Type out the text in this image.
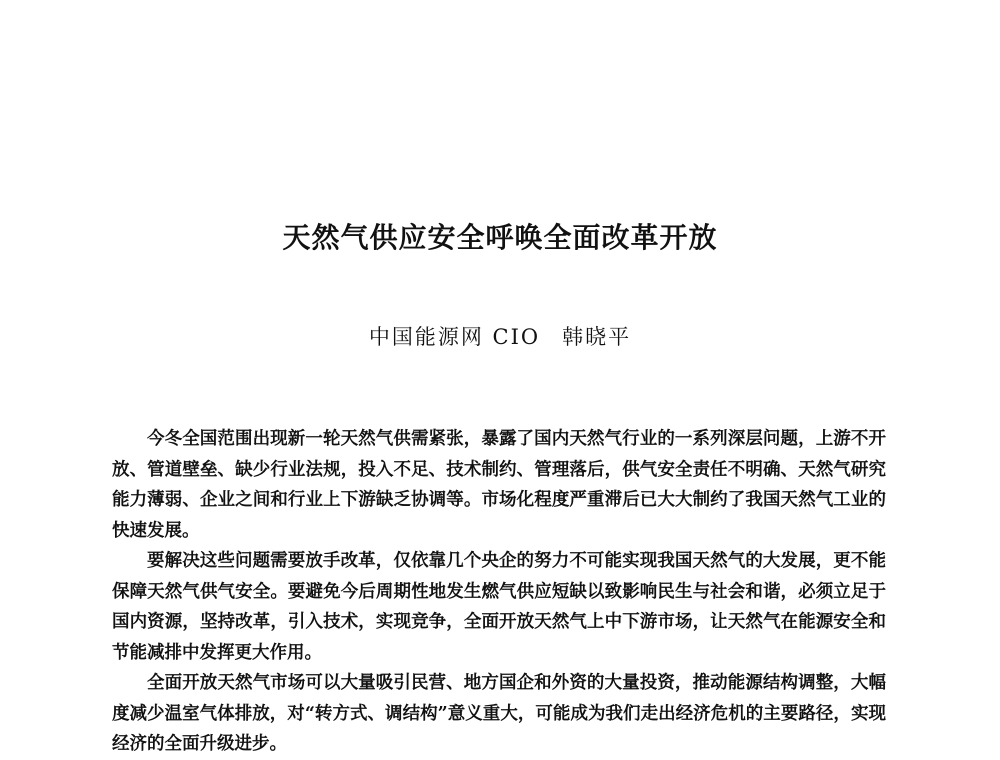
天然气供应安全呼唤全面改革开放
中国能源网 CIO 韩晓平

今冬全国范围出现新一轮天然气供需紧张，暴露了国内天然气行业的一系列深层问题，上游不开放、管道壁垒、缺少行业法规，投入不足、技术制约、管理落后，供气安全责任不明确、天然气研究能力薄弱、企业之间和行业上下游缺乏协调等。市场化程度严重滞后已大大制约了我国天然气工业的快速发展。

要解决这些问题需要放手改革，仅依靠几个央企的努力不可能实现我国天然气的大发展，更不能保障天然气供气安全。要避免今后周期性地发生燃气供应短缺以致影响民生与社会和谐，必须立足于国内资源，坚持改革，引入技术，实现竞争，全面开放天然气上中下游市场，让天然气在能源安全和节能减排中发挥更大作用。

全面开放天然气市场可以大量吸引民营、地方国企和外资的大量投资，推动能源结构调整，大幅度减少温室气体排放，对“转方式、调结构”意义重大，可能成为我们走出经济危机的主要路径，实现经济的全面升级进步。
